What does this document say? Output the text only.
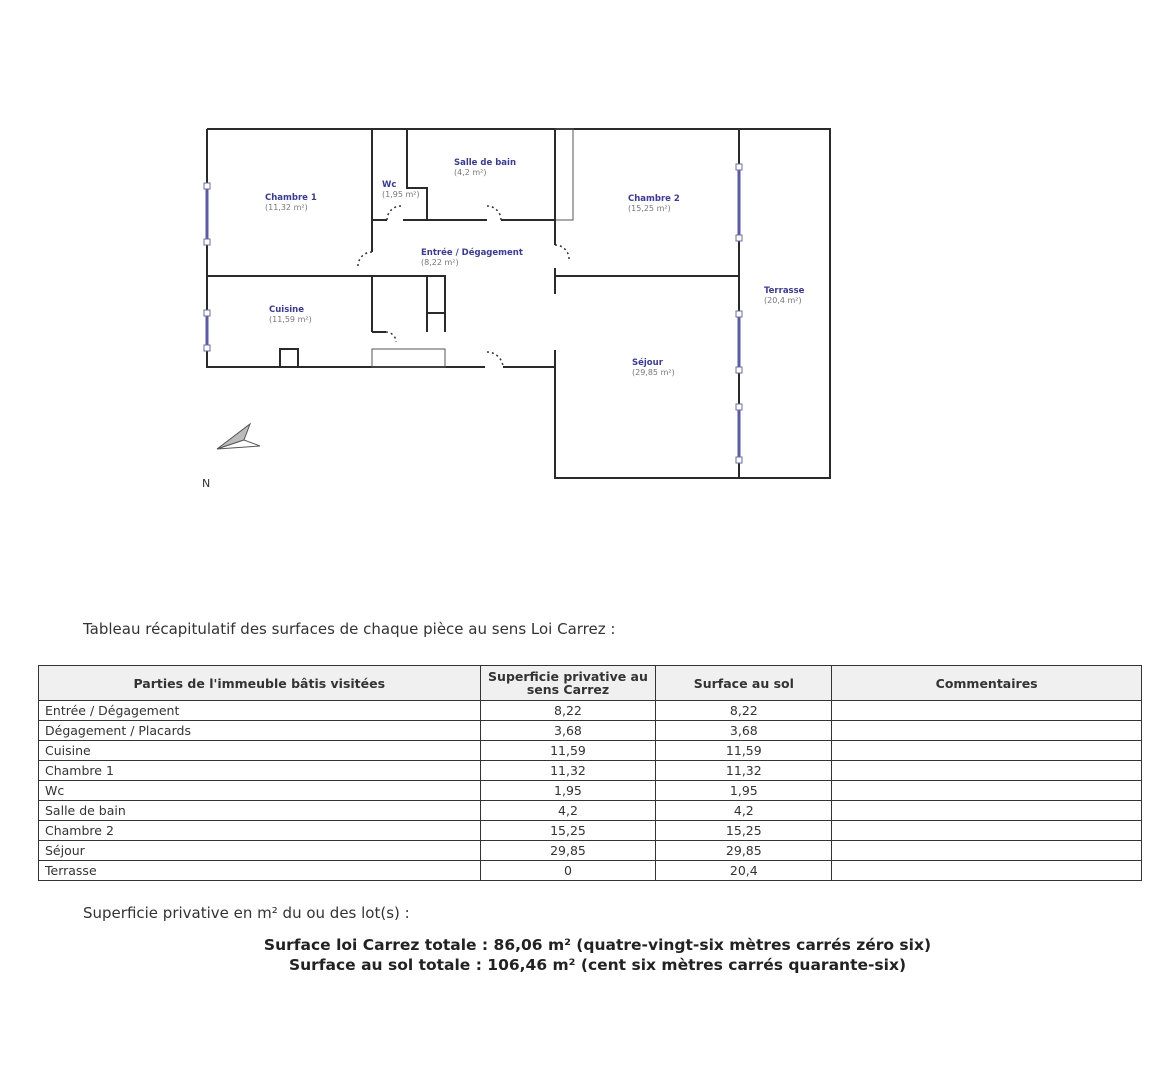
Chambre 1
(11,32 m²)
Wc
(1,95 m²)
Salle de bain
(4,2 m²)
Chambre 2
(15,25 m²)
Entrée / Dégagement
(8,22 m²)
Terrasse
(20,4 m²)
Cuisine
(11,59 m²)
Séjour
(29,85 m²)
N
Tableau récapitulatif des surfaces de chaque pièce au sens Loi Carrez :
Parties de l'immeuble bâtis visitées	Superficie privative au sens Carrez	Surface au sol	Commentaires
Entrée / Dégagement	8,22	8,22	
Dégagement / Placards	3,68	3,68	
Cuisine	11,59	11,59	
Chambre 1	11,32	11,32	
Wc	1,95	1,95	
Salle de bain	4,2	4,2	
Chambre 2	15,25	15,25	
Séjour	29,85	29,85	
Terrasse	0	20,4	
Superficie privative en m² du ou des lot(s) :
Surface loi Carrez totale : 86,06 m² (quatre-vingt-six mètres carrés zéro six)
Surface au sol totale : 106,46 m² (cent six mètres carrés quarante-six)
